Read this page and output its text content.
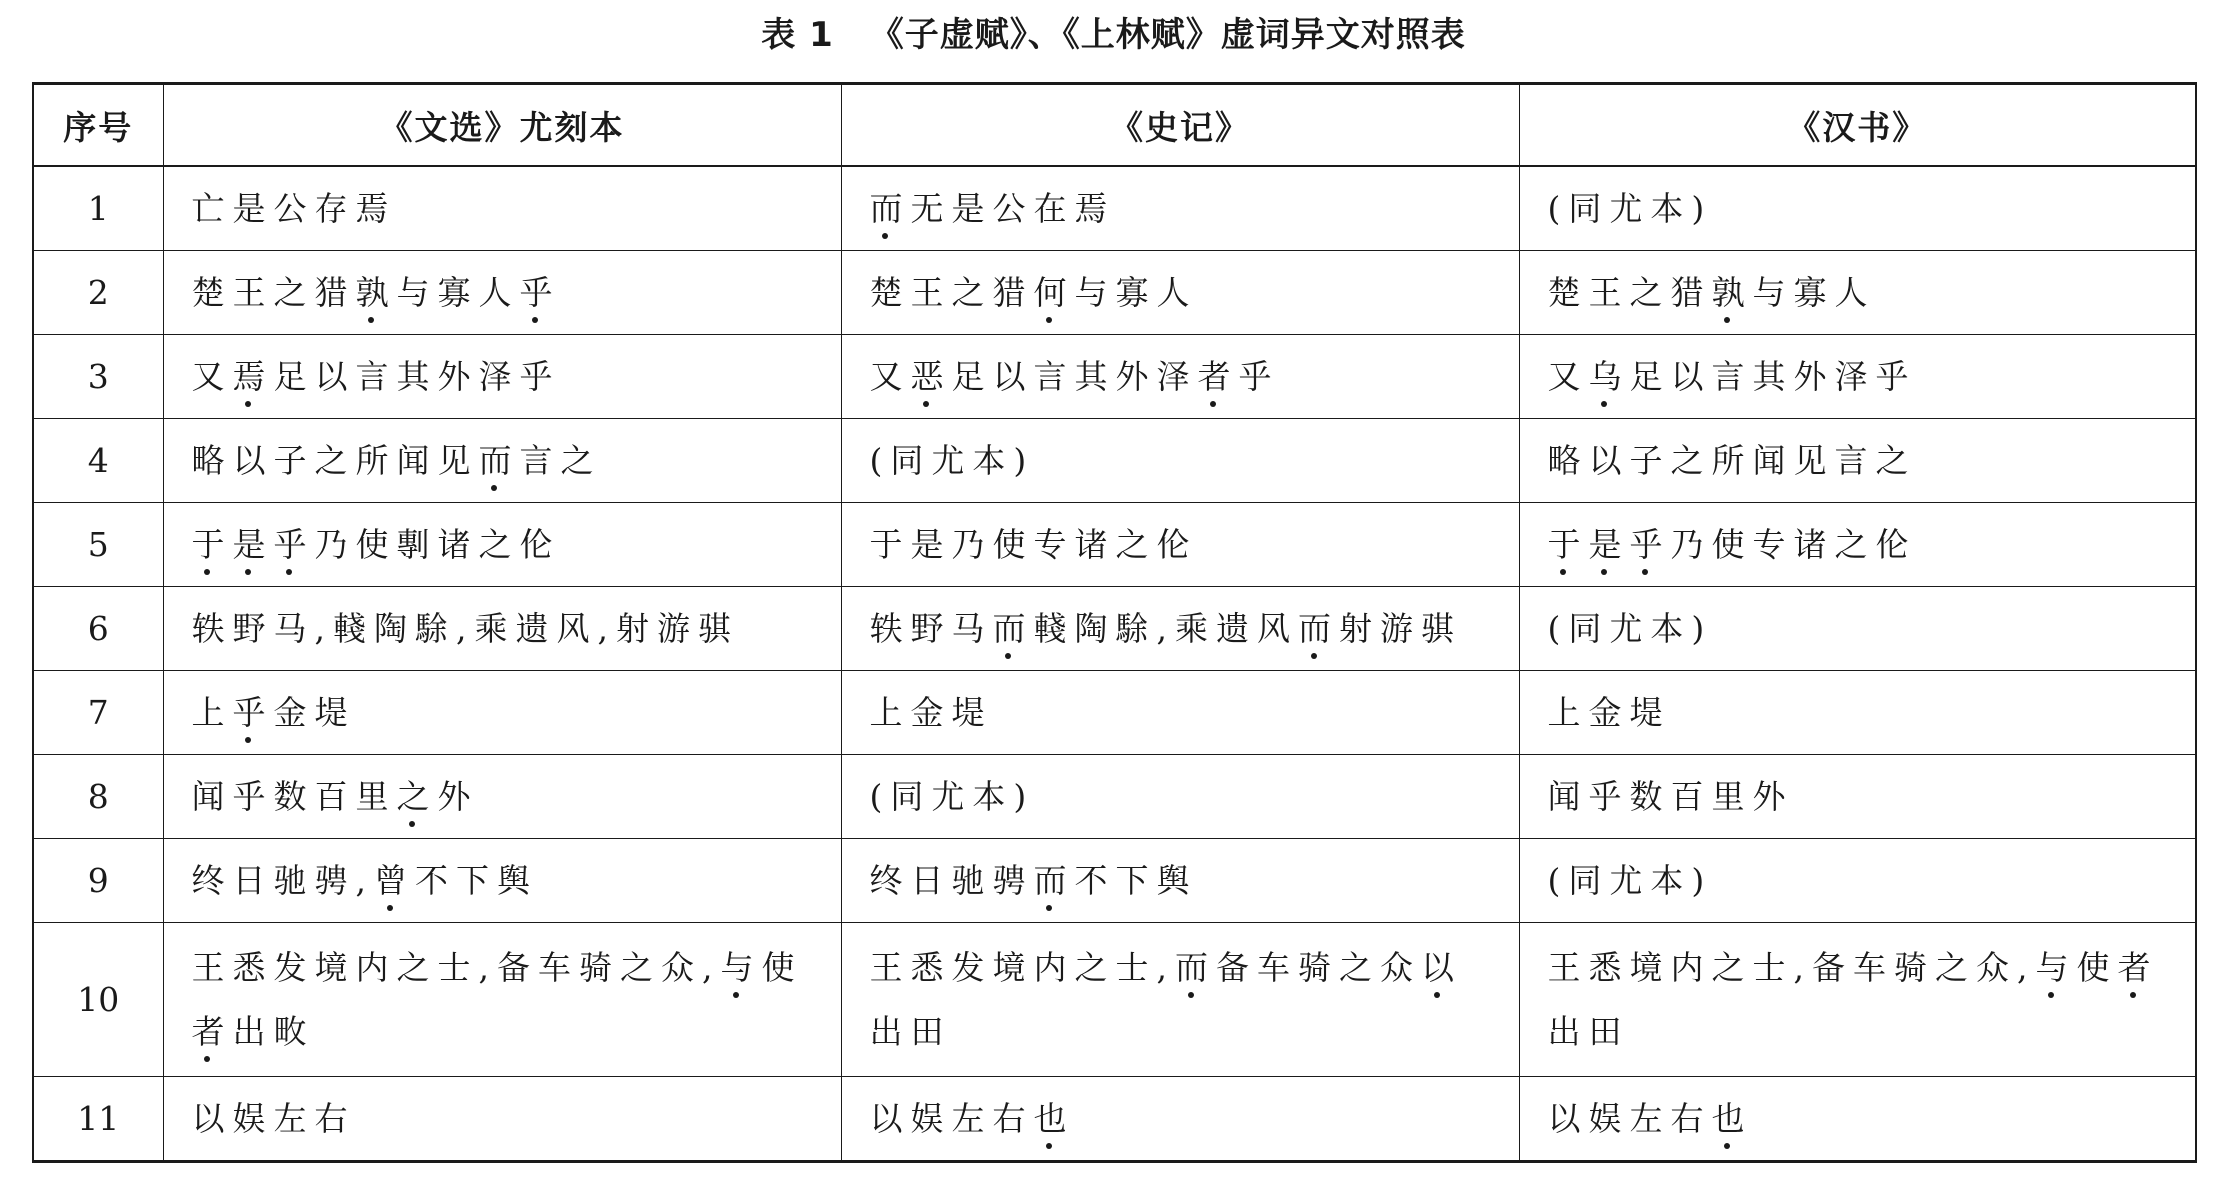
表 1 《子虚赋》、《上林赋》虚词异文对照表
序号	《文选》尤刻本	《史记》	《汉书》
1	亡是公存焉	而无是公在焉	(同尤本)
2	楚王之猎孰与寡人乎	楚王之猎何与寡人	楚王之猎孰与寡人
3	又焉足以言其外泽乎	又恶足以言其外泽者乎	又乌足以言其外泽乎
4	略以子之所闻见而言之	(同尤本)	略以子之所闻见言之
5	于是乎乃使剸诸之伦	于是乃使专诸之伦	于是乎乃使专诸之伦
6	轶野马,輚陶駼,乘遗风,射游骐	轶野马而輚陶駼,乘遗风而射游骐	(同尤本)
7	上乎金堤	上金堤	上金堤
8	闻乎数百里之外	(同尤本)	闻乎数百里外
9	终日驰骋,曾不下舆	终日驰骋而不下舆	(同尤本)
10	王悉发境内之士,备车骑之众,与使者出畋	王悉发境内之士,而备车骑之众以出田	王悉境内之士,备车骑之众,与使者出田
11	以娱左右	以娱左右也	以娱左右也
